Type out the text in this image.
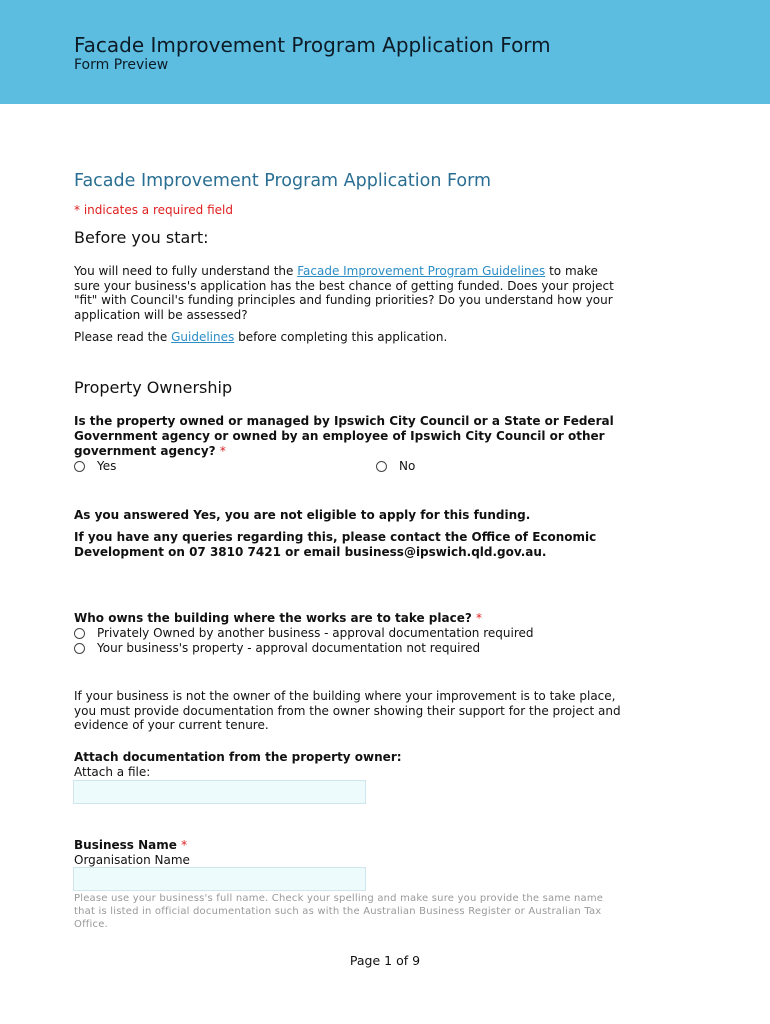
Facade Improvement Program Application Form
Form Preview
Facade Improvement Program Application Form
* indicates a required field
Before you start:
You will need to fully understand the Facade Improvement Program Guidelines to make
sure your business's application has the best chance of getting funded. Does your project
"fit" with Council's funding principles and funding priorities? Do you understand how your
application will be assessed?
Please read the Guidelines before completing this application.
Property Ownership
Is the property owned or managed by Ipswich City Council or a State or Federal
Government agency or owned by an employee of Ipswich City Council or other
government agency? *
Yes	No
As you answered Yes, you are not eligible to apply for this funding.
If you have any queries regarding this, please contact the Office of Economic
Development on 07 3810 7421 or email business@ipswich.qld.gov.au.
Who owns the building where the works are to take place? *
Privately Owned by another business - approval documentation required
Your business's property - approval documentation not required
If your business is not the owner of the building where your improvement is to take place,
you must provide documentation from the owner showing their support for the project and
evidence of your current tenure.
Attach documentation from the property owner:
Attach a file:
Business Name *
Organisation Name
Please use your business's full name. Check your spelling and make sure you provide the same name
that is listed in official documentation such as with the Australian Business Register or Australian Tax
Office.
Page 1 of 9
